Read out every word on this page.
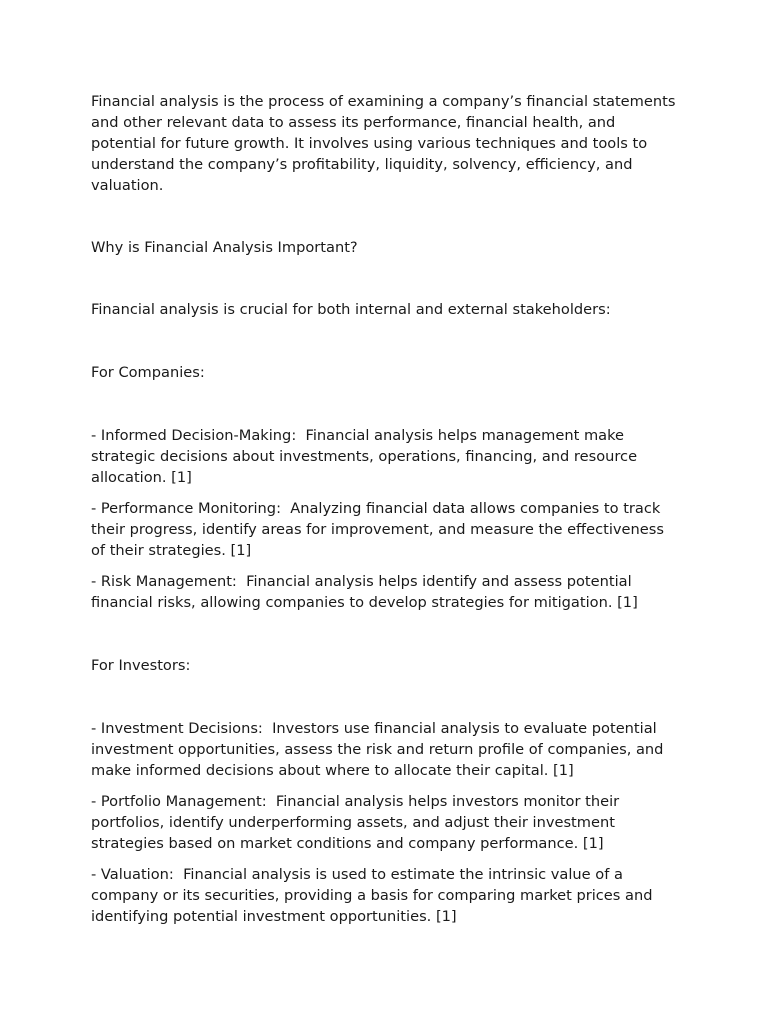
Financial analysis is the process of examining a company’s financial statements and other relevant data to assess its performance, financial health, and potential for future growth. It involves using various techniques and tools to understand the company’s profitability, liquidity, solvency, efficiency, and valuation.

Why is Financial Analysis Important?

Financial analysis is crucial for both internal and external stakeholders:

For Companies:

- Informed Decision-Making:  Financial analysis helps management make strategic decisions about investments, operations, financing, and resource allocation. [1]

- Performance Monitoring:  Analyzing financial data allows companies to track their progress, identify areas for improvement, and measure the effectiveness of their strategies. [1]

- Risk Management:  Financial analysis helps identify and assess potential financial risks, allowing companies to develop strategies for mitigation. [1]

For Investors:

- Investment Decisions:  Investors use financial analysis to evaluate potential investment opportunities, assess the risk and return profile of companies, and make informed decisions about where to allocate their capital. [1]

- Portfolio Management:  Financial analysis helps investors monitor their portfolios, identify underperforming assets, and adjust their investment strategies based on market conditions and company performance. [1]

- Valuation:  Financial analysis is used to estimate the intrinsic value of a company or its securities, providing a basis for comparing market prices and identifying potential investment opportunities. [1]
